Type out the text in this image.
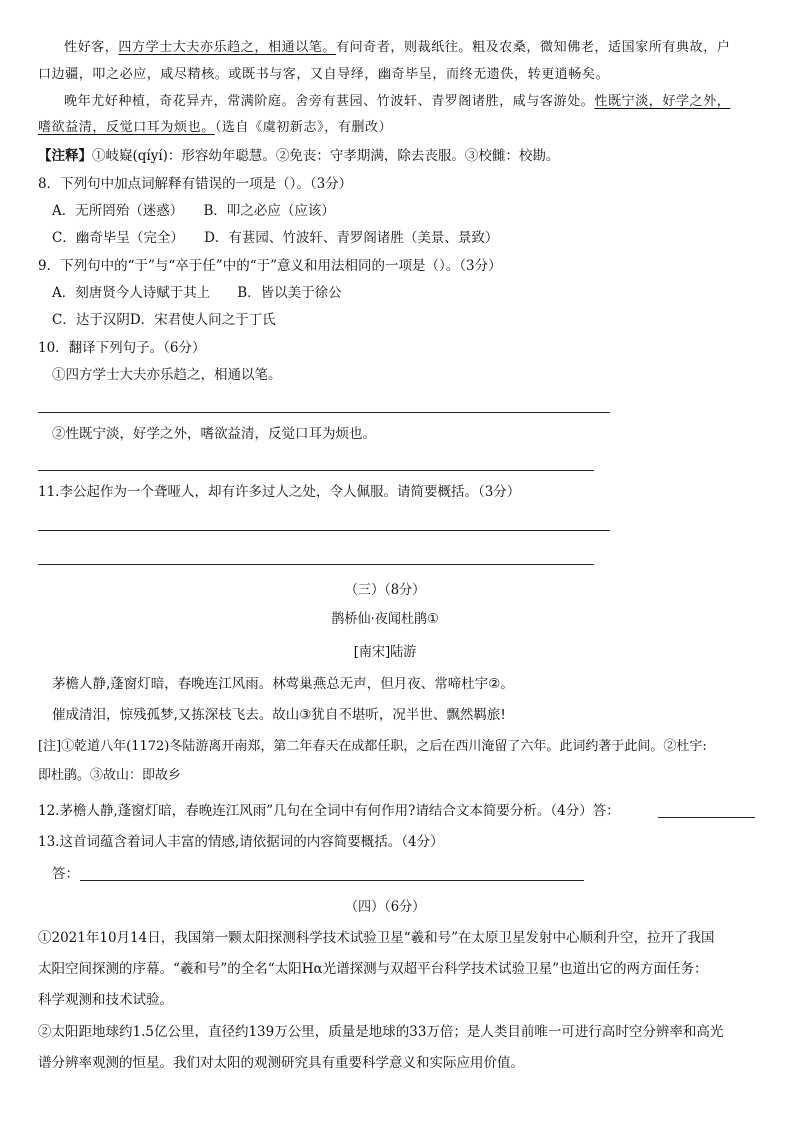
性好客，四方学士大夫亦乐趋之，相通以笔。有问奇者，则裁纸往。粗及农桑，微知佛老，适国家所有典故，户
口边疆，叩之必应，咸尽精核。或既书与客，又自导绎，幽奇毕呈，而终无遗佚，转更逍畅矣。
晚年尤好种植，奇花异卉，常满阶庭。舍旁有葚园、竹波轩、青罗阁诸胜，咸与客游处。性既宁淡，好学之外，
嗜欲益清，反觉口耳为烦也。（选自《虞初新志》，有删改）
【注释】①岐嶷(qíyí)：形容幼年聪慧。②免丧：守孝期满，除去丧服。③校雠：校勘。
8．下列句中加点词解释有错误的一项是（）。（3分）
A．无所罔殆（迷惑）　　B．叩之必应（应该）
C．幽奇毕呈（完全）　　D．有葚园、竹波轩、青罗阁诸胜（美景、景致）
9．下列句中的“于”与“卒于任”中的“于”意义和用法相同的一项是（）。（3分）
A．刻唐贤今人诗赋于其上　　B．皆以美于徐公
C．达于汉阴D．宋君使人问之于丁氏
10．翻译下列句子。（6分）
①四方学士大夫亦乐趋之，相通以笔。
②性既宁淡，好学之外，嗜欲益清，反觉口耳为烦也。
11.李公起作为一个聋哑人，却有许多过人之处，令人佩服。请简要概括。（3分）
（三）（8分）
鹊桥仙·夜闻杜鹃①
[南宋]陆游
茅檐人静,蓬窗灯暗，春晚连江风雨。林莺巢燕总无声，但月夜、常啼杜宇②。
催成清泪，惊残孤梦,又拣深枝飞去。故山③犹自不堪听，况半世、飘然羁旅!
[注]①乾道八年(1172)冬陆游离开南郑，第二年春天在成都任职，之后在西川淹留了六年。此词约著于此间。②杜宇:
即杜鹃。③故山：即故乡
12.茅檐人静,蓬窗灯暗，春晚连江风雨”几句在全词中有何作用?请结合文本简要分析。（4分）答：
13.这首词蕴含着词人丰富的情感,请依据词的内容简要概括。（4分）
答：
（四）（6分）
①2021年10月14日，我国第一颗太阳探测科学技术试验卫星“羲和号”在太原卫星发射中心顺利升空，拉开了我国
太阳空间探测的序幕。“羲和号”的全名“太阳Hα光谱探测与双超平台科学技术试验卫星”也道出它的两方面任务：
科学观测和技术试验。
②太阳距地球约1.5亿公里，直径约139万公里，质量是地球的33万倍；是人类目前唯一可进行高时空分辨率和高光
谱分辨率观测的恒星。我们对太阳的观测研究具有重要科学意义和实际应用价值。
